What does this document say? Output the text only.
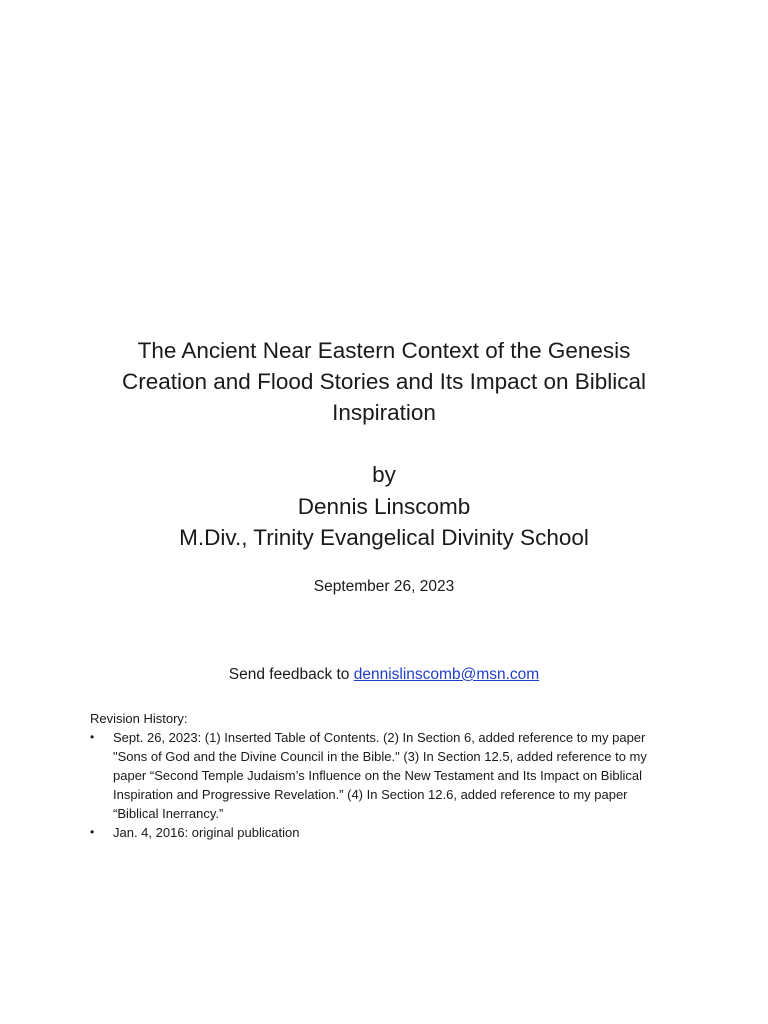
The Ancient Near Eastern Context of the Genesis
Creation and Flood Stories and Its Impact on Biblical
Inspiration
by
Dennis Linscomb
M.Div., Trinity Evangelical Divinity School
September 26, 2023
Send feedback to dennislinscomb@msn.com
Revision History:
• Sept. 26, 2023: (1) Inserted Table of Contents. (2) In Section 6, added reference to my paper
"Sons of God and the Divine Council in the Bible." (3) In Section 12.5, added reference to my
paper “Second Temple Judaism’s Influence on the New Testament and Its Impact on Biblical
Inspiration and Progressive Revelation.” (4) In Section 12.6, added reference to my paper
“Biblical Inerrancy.”
• Jan. 4, 2016: original publication
